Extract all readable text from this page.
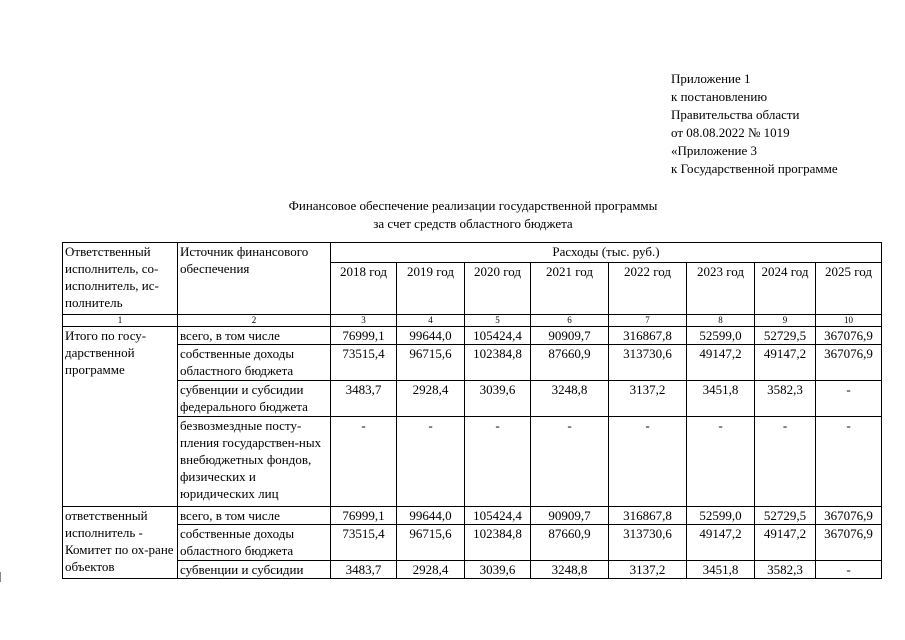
Приложение 1
к постановлению
Правительства области
от 08.08.2022 № 1019
«Приложение 3
к Государственной программе
Финансовое обеспечение реализации государственной программы
за счет средств областного бюджета
Ответственный исполнитель, со-исполнитель, ис-полнитель	Источник финансового обеспечения	Расходы (тыс. руб.)							
		2018 год	2019 год	2020 год	2021 год	2022 год	2023 год	2024 год	2025 год
1	2	3	4	5	6	7	8	9	10
Итого по госу-дарственной программе	всего, в том числе	76999,1	99644,0	105424,4	90909,7	316867,8	52599,0	52729,5	367076,9
	собственные доходы областного бюджета	73515,4	96715,6	102384,8	87660,9	313730,6	49147,2	49147,2	367076,9
	субвенции и субсидии федерального бюджета	3483,7	2928,4	3039,6	3248,8	3137,2	3451,8	3582,3	-
	безвозмездные посту-пления государствен-ных внебюджетных фондов, физических и юридических лиц	-	-	-	-	-	-	-	-
ответственный исполнитель - Комитет по ох-ране объектов	всего, в том числе	76999,1	99644,0	105424,4	90909,7	316867,8	52599,0	52729,5	367076,9
	собственные доходы областного бюджета	73515,4	96715,6	102384,8	87660,9	313730,6	49147,2	49147,2	367076,9
	субвенции и субсидии	3483,7	2928,4	3039,6	3248,8	3137,2	3451,8	3582,3	-
